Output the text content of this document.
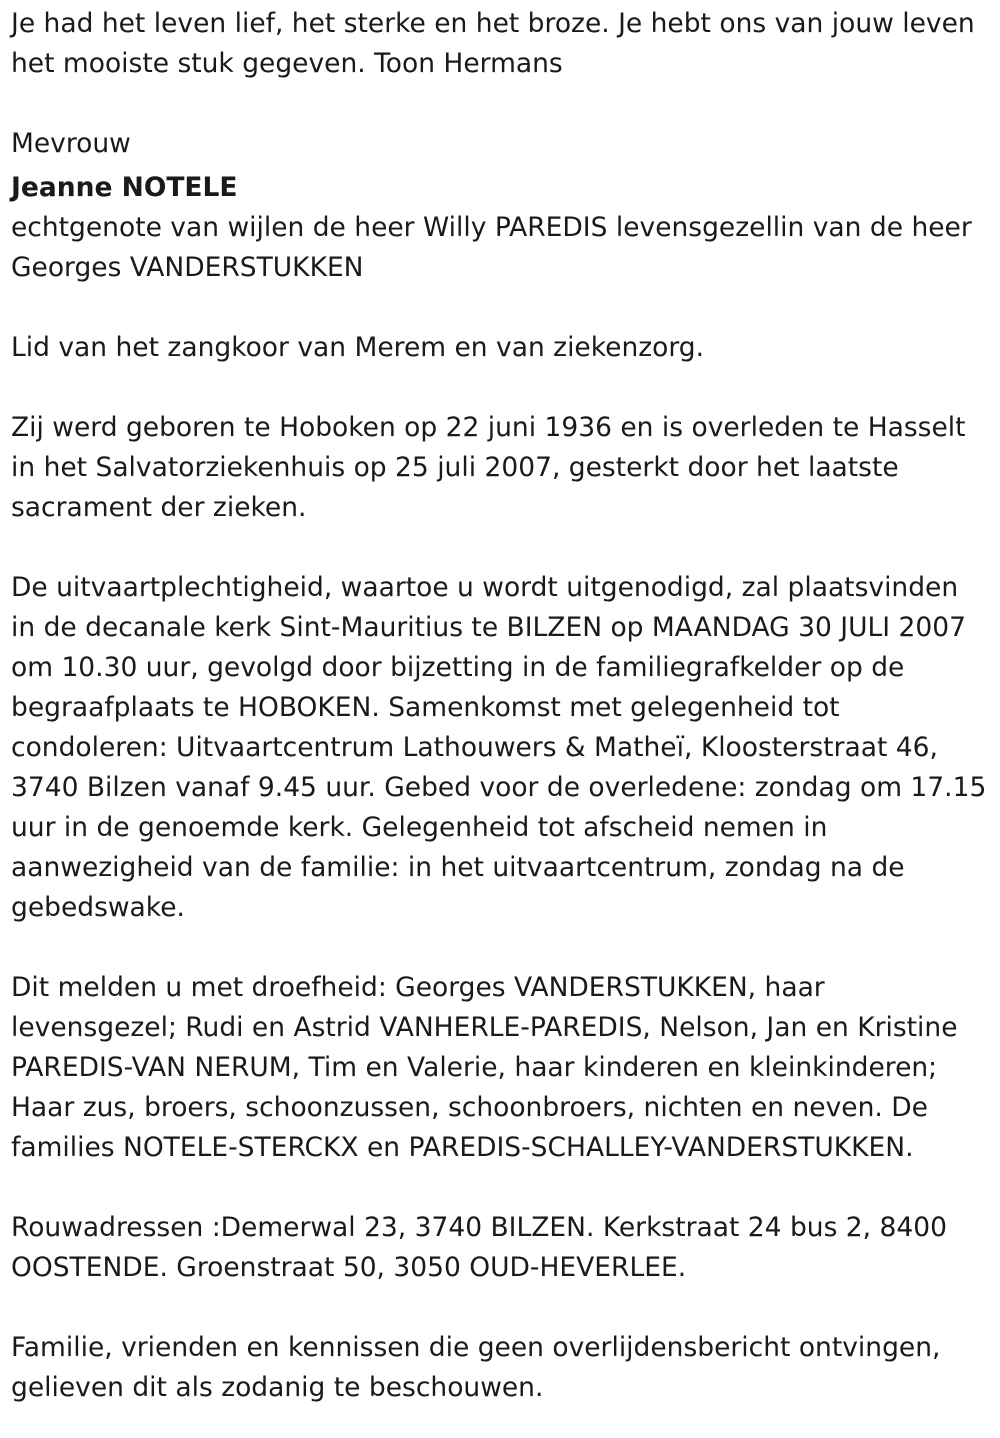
Je had het leven lief, het sterke en het broze. Je hebt ons van jouw leven het mooiste stuk gegeven. Toon Hermans

Mevrouw

Jeanne NOTELE

echtgenote van wijlen de heer Willy PAREDIS levensgezellin van de heer Georges VANDERSTUKKEN

Lid van het zangkoor van Merem en van ziekenzorg.

Zij werd geboren te Hoboken op 22 juni 1936 en is overleden te Hasselt in het Salvatorziekenhuis op 25 juli 2007, gesterkt door het laatste sacrament der zieken.

De uitvaartplechtigheid, waartoe u wordt uitgenodigd, zal plaatsvinden in de decanale kerk Sint-Mauritius te BILZEN op MAANDAG 30 JULI 2007 om 10.30 uur, gevolgd door bijzetting in de familiegrafkelder op de begraafplaats te HOBOKEN. Samenkomst met gelegenheid tot condoleren: Uitvaartcentrum Lathouwers & Matheï, Kloosterstraat 46, 3740 Bilzen vanaf 9.45 uur. Gebed voor de overledene: zondag om 17.15 uur in de genoemde kerk. Gelegenheid tot afscheid nemen in aanwezigheid van de familie: in het uitvaartcentrum, zondag na de gebedswake.

Dit melden u met droefheid: Georges VANDERSTUKKEN, haar levensgezel; Rudi en Astrid VANHERLE-PAREDIS, Nelson, Jan en Kristine PAREDIS-VAN NERUM, Tim en Valerie, haar kinderen en kleinkinderen; Haar zus, broers, schoonzussen, schoonbroers, nichten en neven. De families NOTELE-STERCKX en PAREDIS-SCHALLEY-VANDERSTUKKEN.

Rouwadressen :Demerwal 23, 3740 BILZEN. Kerkstraat 24 bus 2, 8400 OOSTENDE. Groenstraat 50, 3050 OUD-HEVERLEE.

Familie, vrienden en kennissen die geen overlijdensbericht ontvingen, gelieven dit als zodanig te beschouwen.
